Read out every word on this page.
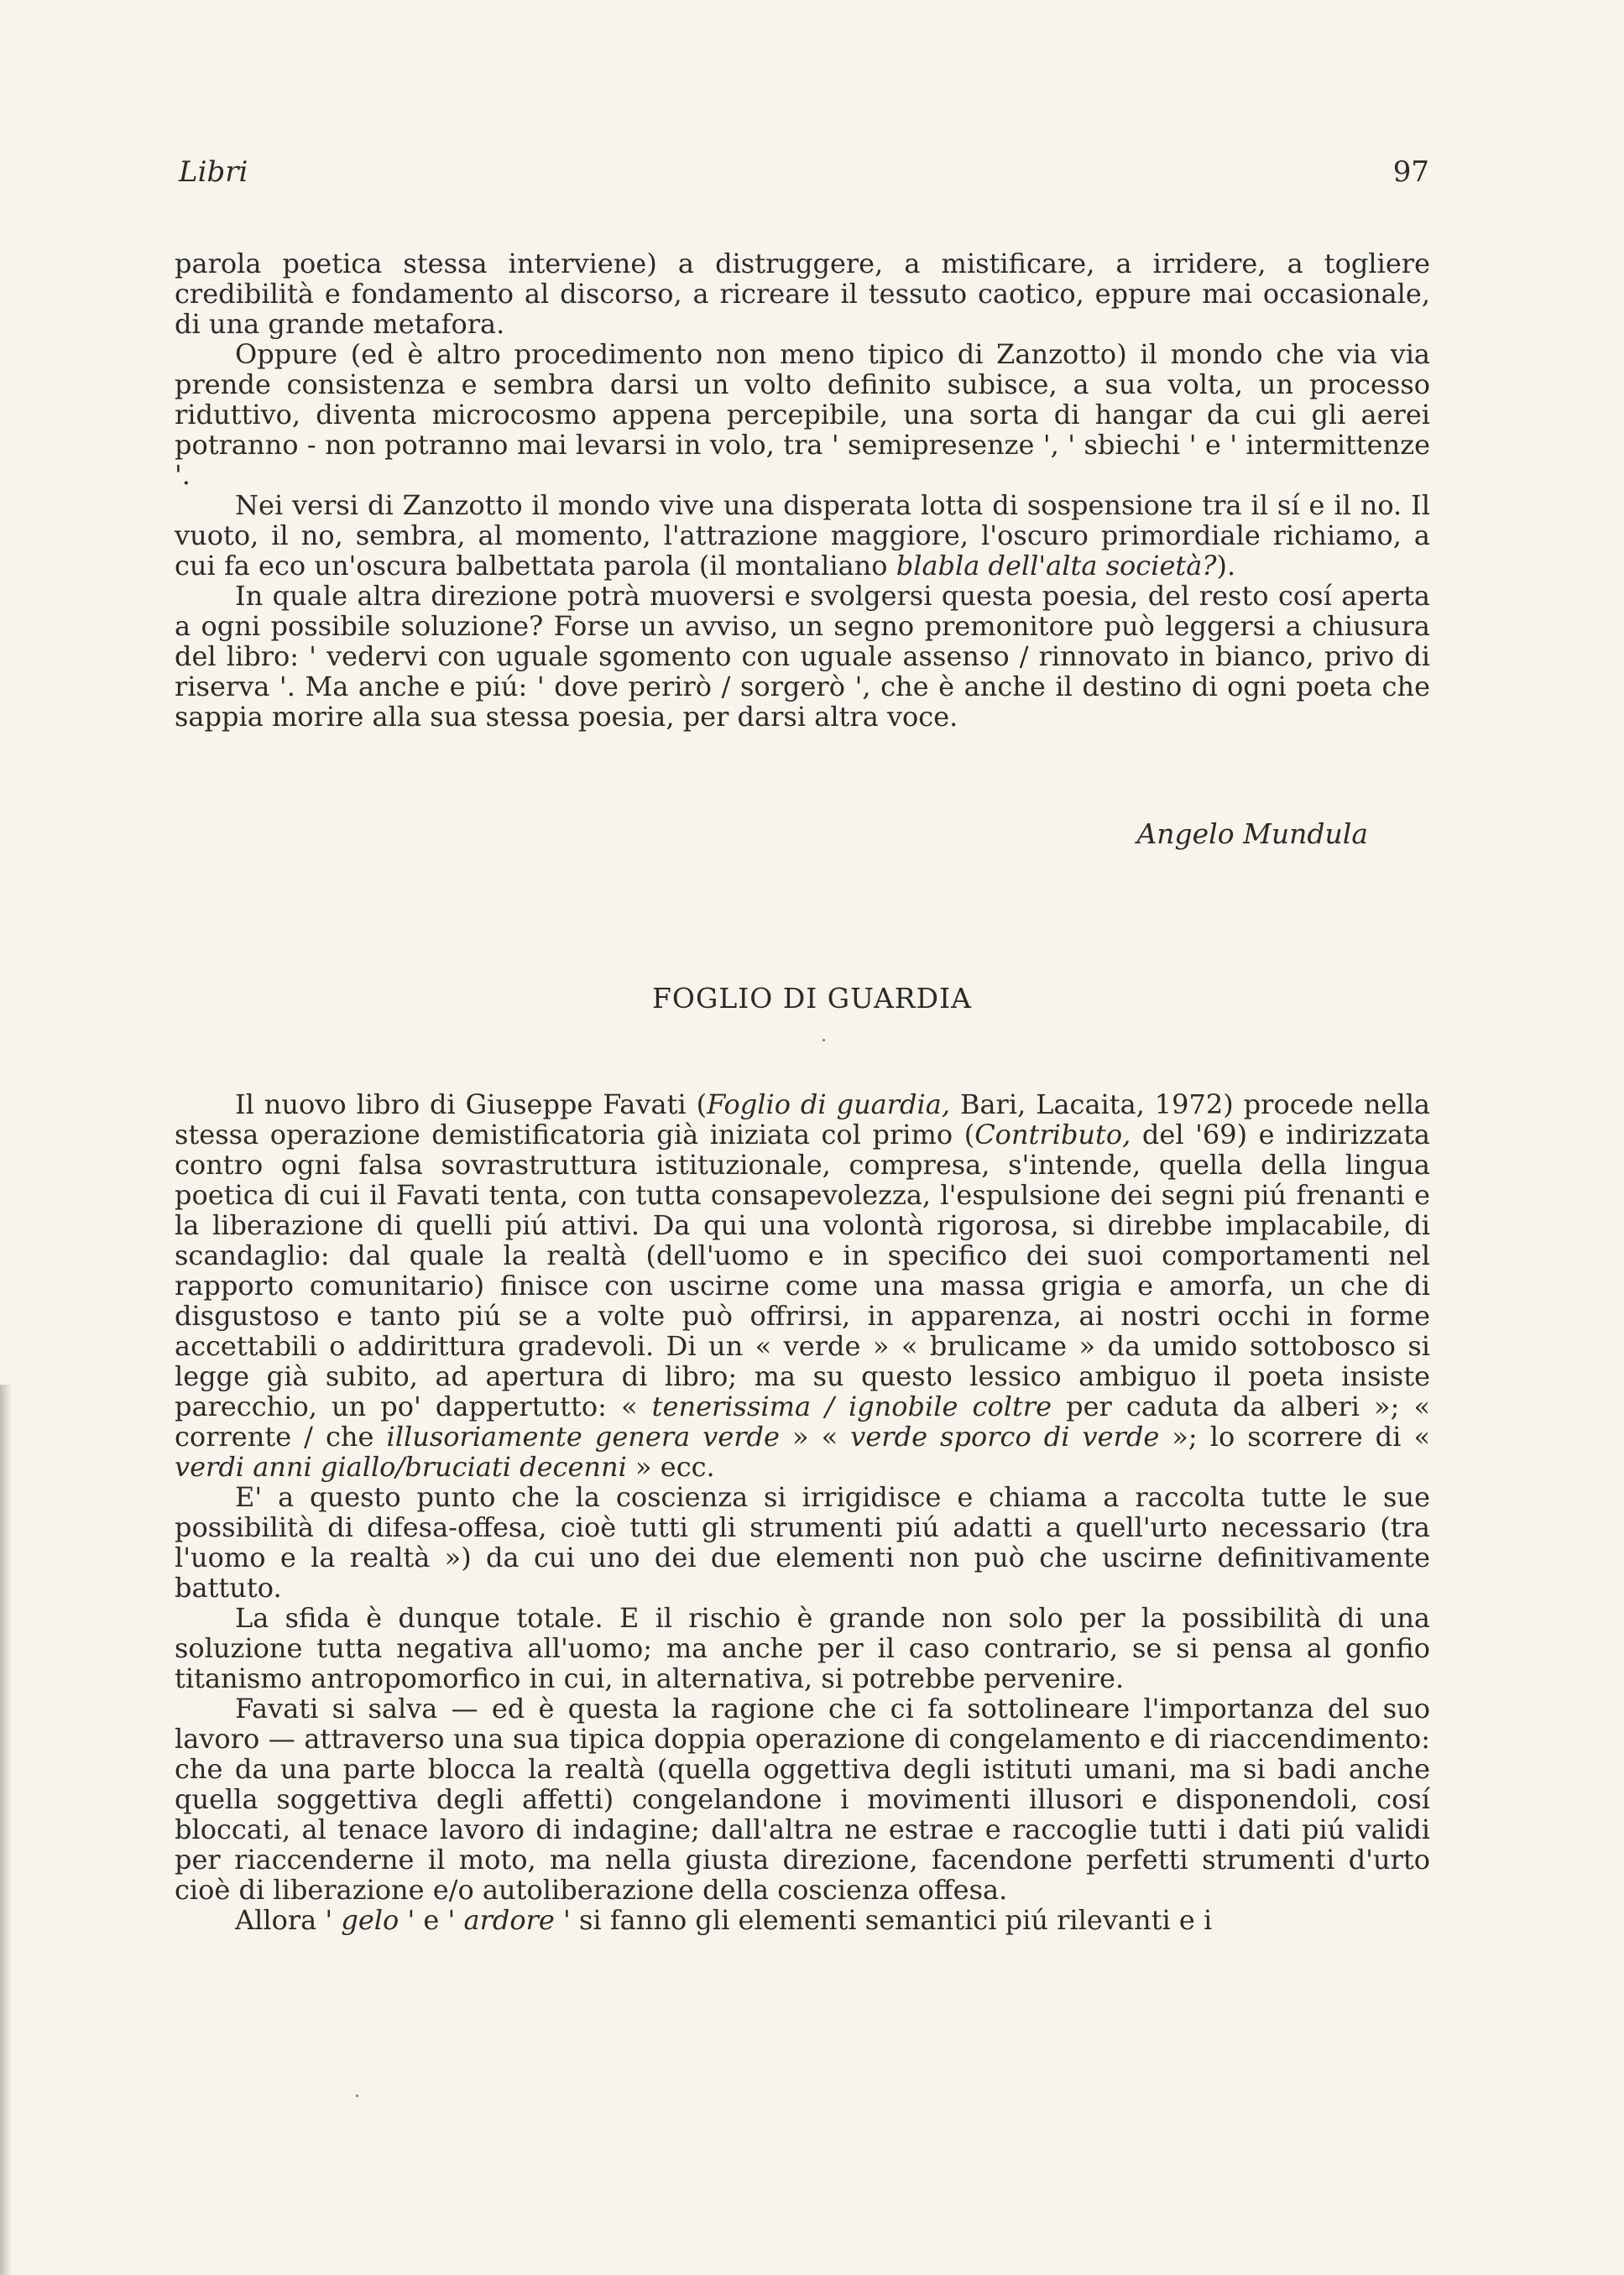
Libri	97

parola poetica stessa interviene) a distruggere, a mistificare, a irridere, a togliere credibilità e fondamento al discorso, a ricreare il tessuto caotico, eppure mai occasionale, di una grande metafora.

Oppure (ed è altro procedimento non meno tipico di Zanzotto) il mondo che via via prende consistenza e sembra darsi un volto definito subisce, a sua volta, un processo riduttivo, diventa microcosmo appena percepibile, una sorta di hangar da cui gli aerei potranno - non potranno mai levarsi in volo, tra ' semipresenze ', ' sbiechi ' e ' intermittenze '.

Nei versi di Zanzotto il mondo vive una disperata lotta di sospensione tra il sí e il no. Il vuoto, il no, sembra, al momento, l'attrazione maggiore, l'oscuro primordiale richiamo, a cui fa eco un'oscura balbettata parola (il montaliano blabla dell'alta società?).

In quale altra direzione potrà muoversi e svolgersi questa poesia, del resto cosí aperta a ogni possibile soluzione? Forse un avviso, un segno premonitore può leggersi a chiusura del libro: ' vedervi con uguale sgomento con uguale assenso / rinnovato in bianco, privo di riserva '. Ma anche e piú: ' dove perirò / sorgerò ', che è anche il destino di ogni poeta che sappia morire alla sua stessa poesia, per darsi altra voce.

Angelo Mundula
FOGLIO DI GUARDIA

Il nuovo libro di Giuseppe Favati (Foglio di guardia, Bari, Lacaita, 1972) procede nella stessa operazione demistificatoria già iniziata col primo (Contributo, del '69) e indirizzata contro ogni falsa sovrastruttura istituzionale, compresa, s'intende, quella della lingua poetica di cui il Favati tenta, con tutta consapevolezza, l'espulsione dei segni piú frenanti e la liberazione di quelli piú attivi. Da qui una volontà rigorosa, si direbbe implacabile, di scandaglio: dal quale la realtà (dell'uomo e in specifico dei suoi comportamenti nel rapporto comunitario) finisce con uscirne come una massa grigia e amorfa, un che di disgustoso e tanto piú se a volte può offrirsi, in apparenza, ai nostri occhi in forme accettabili o addirittura gradevoli. Di un « verde » « brulicame » da umido sottobosco si legge già subito, ad apertura di libro; ma su questo lessico ambiguo il poeta insiste parecchio, un po' dappertutto: « tenerissima / ignobile coltre per caduta da alberi »; « corrente / che illusoriamente genera verde » « verde sporco di verde »; lo scorrere di « verdi anni giallo/bruciati decenni » ecc.

E' a questo punto che la coscienza si irrigidisce e chiama a raccolta tutte le sue possibilità di difesa-offesa, cioè tutti gli strumenti piú adatti a quell'urto necessario (tra l'uomo e la realtà ») da cui uno dei due elementi non può che uscirne definitivamente battuto.

La sfida è dunque totale. E il rischio è grande non solo per la possibilità di una soluzione tutta negativa all'uomo; ma anche per il caso contrario, se si pensa al gonfio titanismo antropomorfico in cui, in alternativa, si potrebbe pervenire.

Favati si salva — ed è questa la ragione che ci fa sottolineare l'importanza del suo lavoro — attraverso una sua tipica doppia operazione di congelamento e di riaccendimento: che da una parte blocca la realtà (quella oggettiva degli istituti umani, ma si badi anche quella soggettiva degli affetti) congelandone i movimenti illusori e disponendoli, cosí bloccati, al tenace lavoro di indagine; dall'altra ne estrae e raccoglie tutti i dati piú validi per riaccenderne il moto, ma nella giusta direzione, facendone perfetti strumenti d'urto cioè di liberazione e/o autoliberazione della coscienza offesa.

Allora ' gelo ' e ' ardore ' si fanno gli elementi semantici piú rilevanti e i
